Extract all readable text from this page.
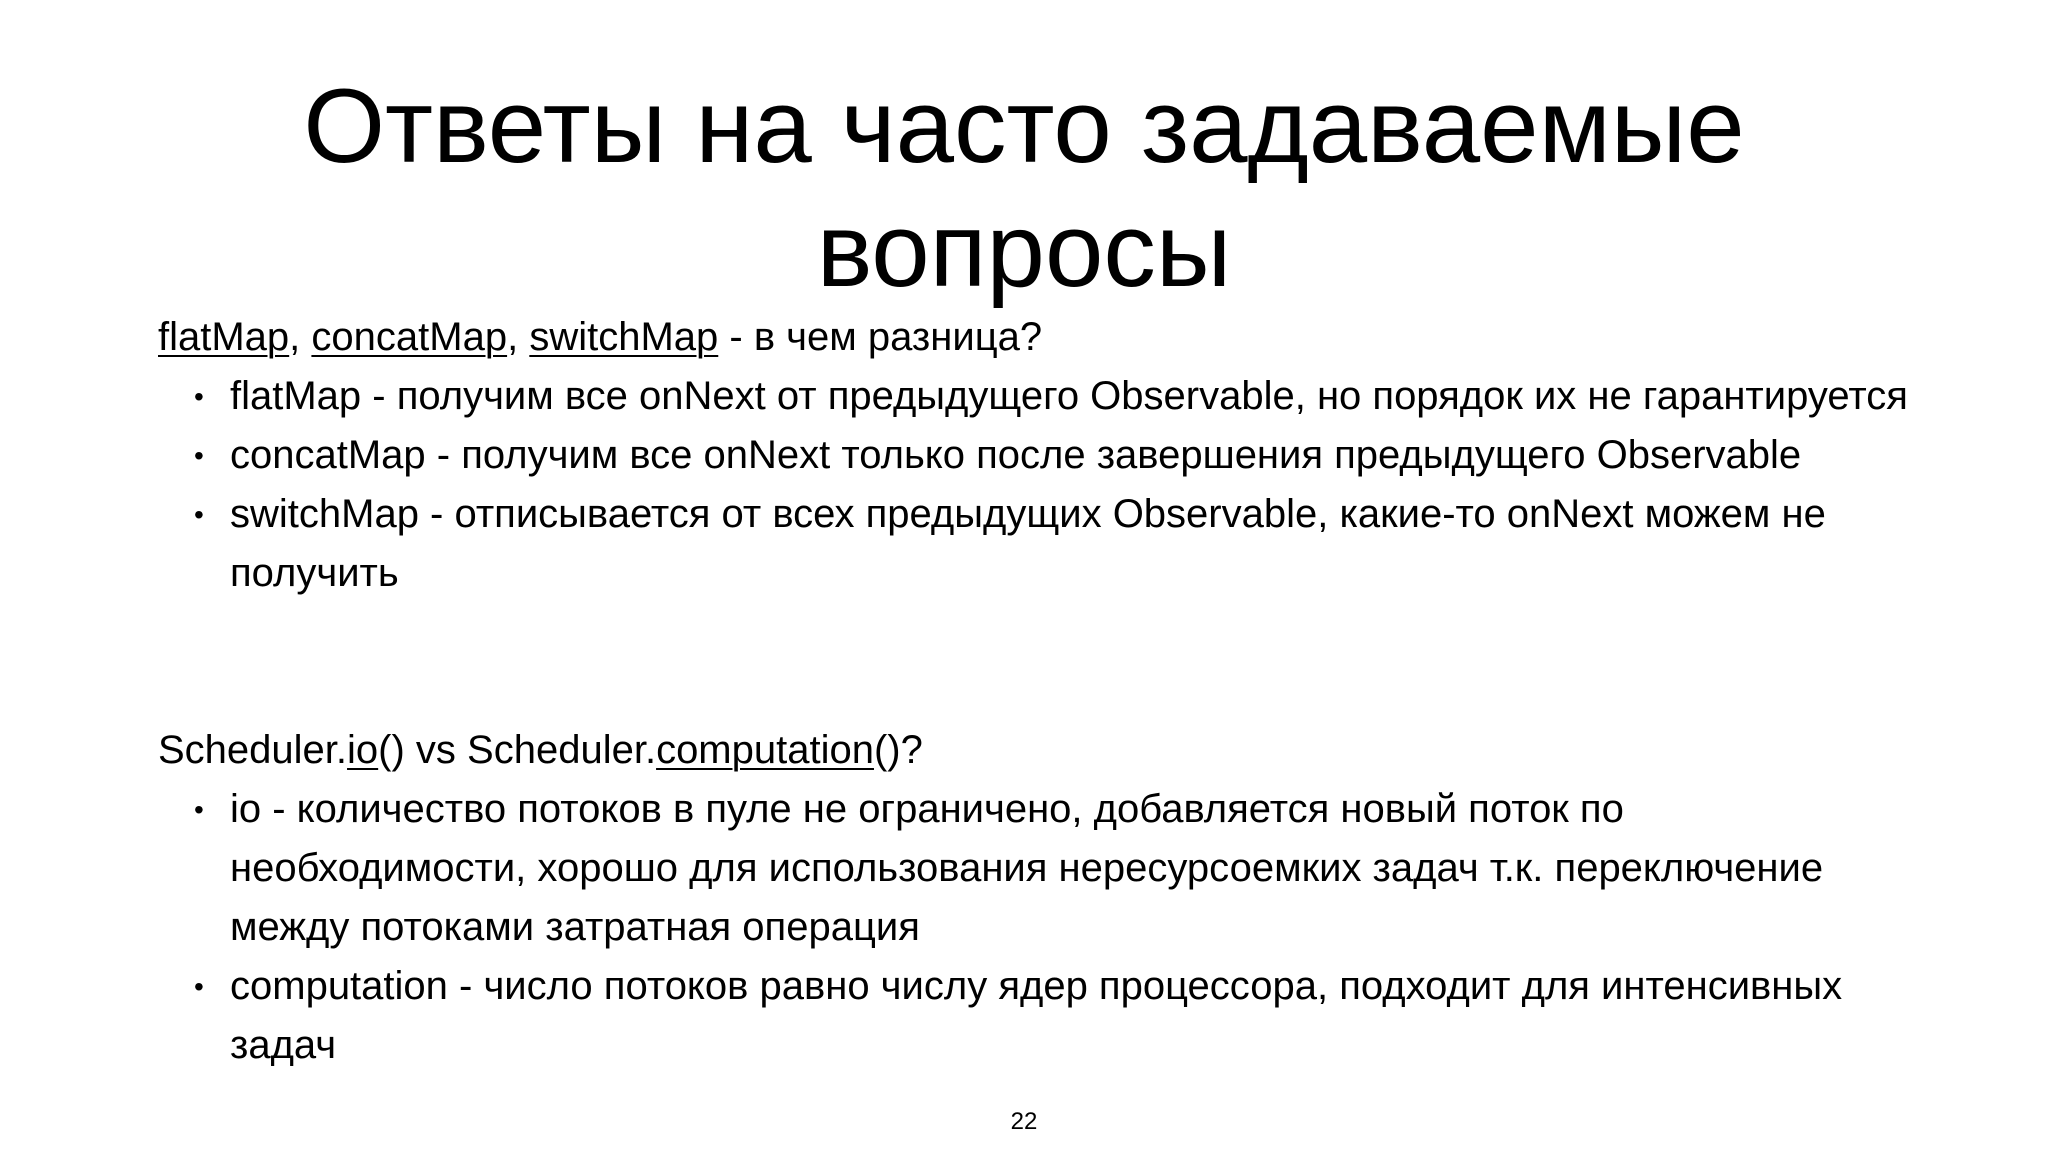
Ответы на часто задаваемые
вопросы

flatMap, concatMap, switchMap - в чем разница?

• flatMap - получим все onNext от предыдущего Observable, но порядок их не гарантируется
• concatMap - получим все onNext только после завершения предыдущего Observable
• switchMap - отписывается от всех предыдущих Observable, какие-то onNext можем не получить

Scheduler.io() vs Scheduler.computation()?

• io - количество потоков в пуле не ограничено, добавляется новый поток по необходимости, хорошо для использования нересурсоемких задач т.к. переключение между потоками затратная операция
• computation - число потоков равно числу ядер процессора, подходит для интенсивных задач
22
